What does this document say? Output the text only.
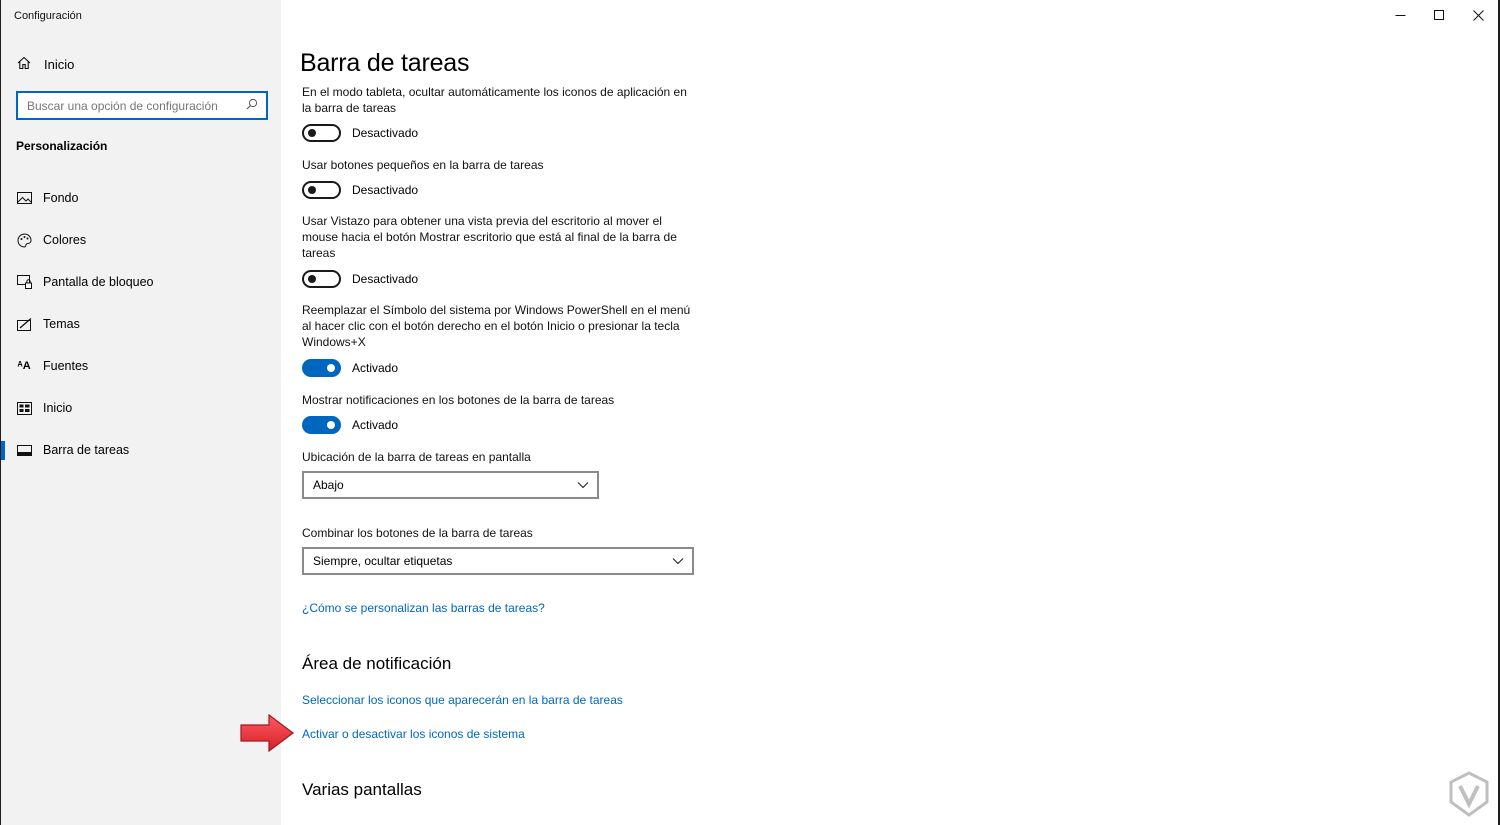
Configuración
Inicio
Buscar una opción de configuración
Personalización
Fondo
Colores
Pantalla de bloqueo
Temas
ᴬA Fuentes
Inicio
Barra de tareas
Barra de tareas
En el modo tableta, ocultar automáticamente los iconos de aplicación en la barra de tareas
Desactivado
Usar botones pequeños en la barra de tareas
Desactivado
Usar Vistazo para obtener una vista previa del escritorio al mover el mouse hacia el botón Mostrar escritorio que está al final de la barra de tareas
Desactivado
Reemplazar el Símbolo del sistema por Windows PowerShell en el menú al hacer clic con el botón derecho en el botón Inicio o presionar la tecla Windows+X
Activado
Mostrar notificaciones en los botones de la barra de tareas
Activado
Ubicación de la barra de tareas en pantalla
Abajo
Combinar los botones de la barra de tareas
Siempre, ocultar etiquetas
¿Cómo se personalizan las barras de tareas?
Área de notificación
Seleccionar los iconos que aparecerán en la barra de tareas
Activar o desactivar los iconos de sistema
Varias pantallas
